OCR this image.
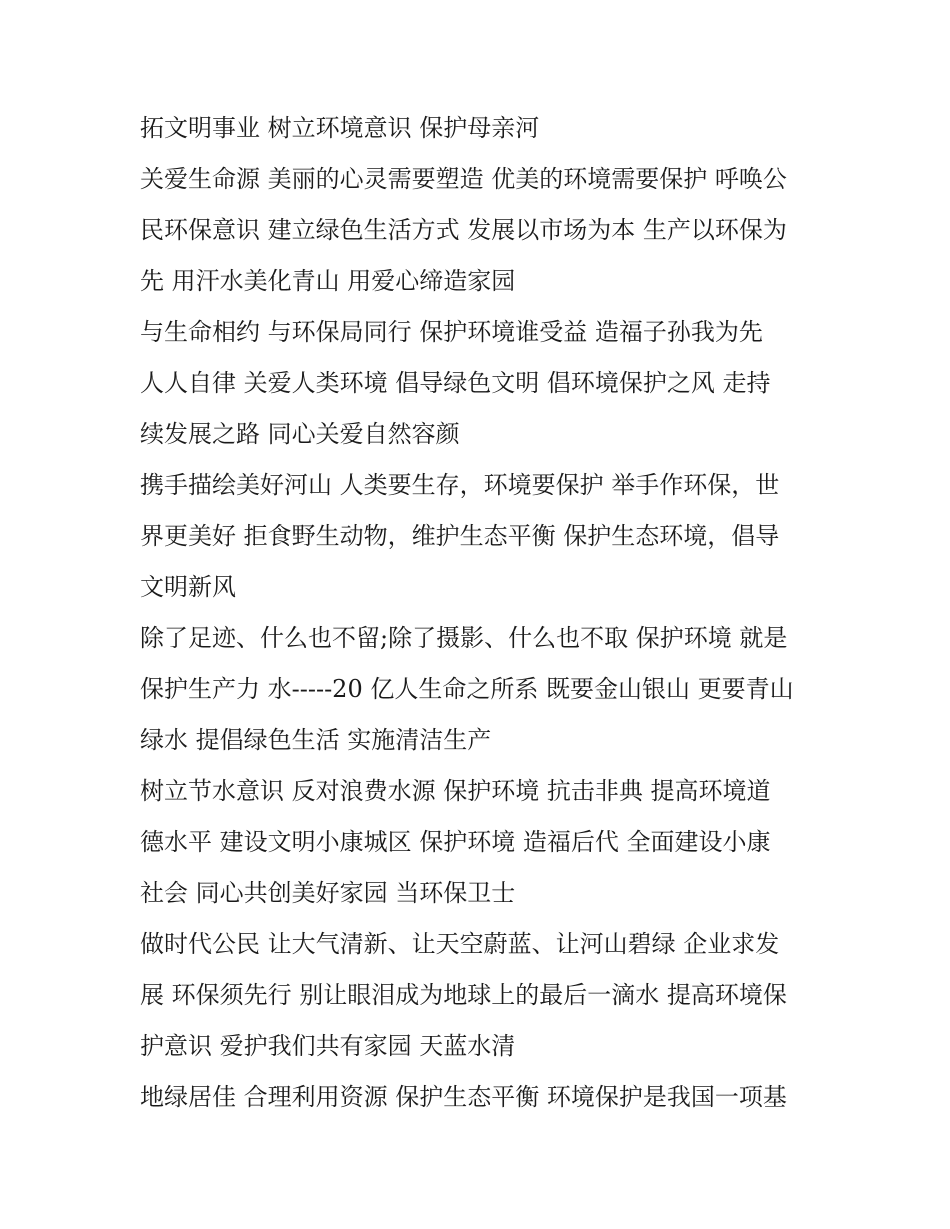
拓文明事业 树立环境意识 保护母亲河
关爱生命源 美丽的心灵需要塑造 优美的环境需要保护 呼唤公
民环保意识 建立绿色生活方式 发展以市场为本 生产以环保为
先 用汗水美化青山 用爱心缔造家园
与生命相约 与环保局同行 保护环境谁受益 造福子孙我为先
人人自律 关爱人类环境 倡导绿色文明 倡环境保护之风 走持
续发展之路 同心关爱自然容颜
携手描绘美好河山 人类要生存，环境要保护 举手作环保，世
界更美好 拒食野生动物，维护生态平衡 保护生态环境，倡导
文明新风
除了足迹、什么也不留;除了摄影、什么也不取 保护环境 就是
保护生产力 水-----20 亿人生命之所系 既要金山银山 更要青山
绿水 提倡绿色生活 实施清洁生产
树立节水意识 反对浪费水源 保护环境 抗击非典 提高环境道
德水平 建设文明小康城区 保护环境 造福后代 全面建设小康
社会 同心共创美好家园 当环保卫士
做时代公民 让大气清新、让天空蔚蓝、让河山碧绿 企业求发
展 环保须先行 别让眼泪成为地球上的最后一滴水 提高环境保
护意识 爱护我们共有家园 天蓝水清
地绿居佳 合理利用资源 保护生态平衡 环境保护是我国一项基
